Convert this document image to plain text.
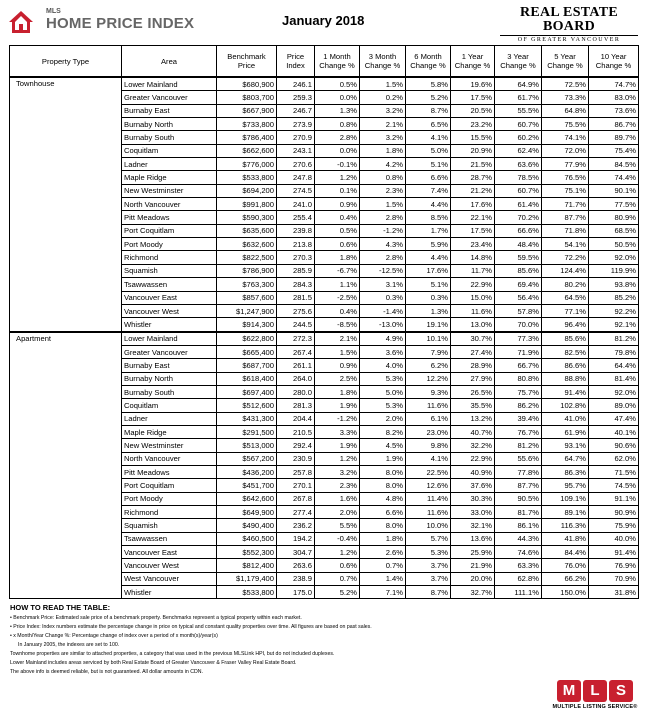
MLS
HOME PRICE INDEX	January 2018
REAL ESTATE BOARD
OF GREATER VANCOUVER
Property Type	Area	Benchmark Price	Price Index	1 Month Change %	3 Month Change %	6 Month Change %	1 Year Change %	3 Year Change %	5 Year Change %	10 Year Change %
Townhouse	Lower Mainland	$680,900	246.1	0.5%	1.5%	5.8%	19.6%	64.9%	72.5%	74.7%
	Greater Vancouver	$803,700	259.3	0.0%	0.2%	5.2%	17.5%	61.7%	73.3%	83.0%
	Burnaby East	$667,900	246.7	1.3%	3.2%	8.7%	20.5%	55.5%	64.8%	73.6%
	Burnaby North	$733,800	273.9	0.8%	2.1%	6.5%	23.2%	60.7%	75.5%	86.7%
	Burnaby South	$786,400	270.9	2.8%	3.2%	4.1%	15.5%	60.2%	74.1%	89.7%
	Coquitlam	$662,600	243.1	0.0%	1.8%	5.0%	20.9%	62.4%	72.0%	75.4%
	Ladner	$776,000	270.6	-0.1%	4.2%	5.1%	21.5%	63.6%	77.9%	84.5%
	Maple Ridge	$533,800	247.8	1.2%	0.8%	6.6%	28.7%	78.5%	76.5%	74.4%
	New Westminster	$694,200	274.5	0.1%	2.3%	7.4%	21.2%	60.7%	75.1%	90.1%
	North Vancouver	$991,800	241.0	0.9%	1.5%	4.4%	17.6%	61.4%	71.7%	77.5%
	Pitt Meadows	$590,300	255.4	0.4%	2.8%	8.5%	22.1%	70.2%	87.7%	80.9%
	Port Coquitlam	$635,600	239.8	0.5%	-1.2%	1.7%	17.5%	66.6%	71.8%	68.5%
	Port Moody	$632,600	213.8	0.6%	4.3%	5.9%	23.4%	48.4%	54.1%	50.5%
	Richmond	$822,500	270.3	1.8%	2.8%	4.4%	14.8%	59.5%	72.2%	92.0%
	Squamish	$786,900	285.9	-6.7%	-12.5%	17.6%	11.7%	85.6%	124.4%	119.9%
	Tsawwassen	$763,300	284.3	1.1%	3.1%	5.1%	22.9%	69.4%	80.2%	93.8%
	Vancouver East	$857,600	281.5	-2.5%	0.3%	0.3%	15.0%	56.4%	64.5%	85.2%
	Vancouver West	$1,247,900	275.6	0.4%	-1.4%	1.3%	11.6%	57.8%	77.1%	92.2%
	Whistler	$914,300	244.5	-8.5%	-13.0%	19.1%	13.0%	70.0%	96.4%	92.1%
Apartment	Lower Mainland	$622,800	272.3	2.1%	4.9%	10.1%	30.7%	77.3%	85.6%	81.2%
	Greater Vancouver	$665,400	267.4	1.5%	3.6%	7.9%	27.4%	71.9%	82.5%	79.8%
	Burnaby East	$687,700	261.1	0.9%	4.0%	6.2%	28.9%	66.7%	86.6%	64.4%
	Burnaby North	$618,400	264.0	2.5%	5.3%	12.2%	27.9%	80.8%	88.8%	81.4%
	Burnaby South	$697,400	280.0	1.8%	5.0%	9.3%	26.5%	75.7%	91.4%	92.0%
	Coquitlam	$512,600	281.3	1.9%	5.3%	11.6%	35.5%	86.2%	102.8%	89.0%
	Ladner	$431,300	204.4	-1.2%	2.0%	6.1%	13.2%	39.4%	41.0%	47.4%
	Maple Ridge	$291,500	210.5	3.3%	8.2%	23.0%	40.7%	76.7%	61.9%	40.1%
	New Westminster	$513,000	292.4	1.9%	4.5%	9.8%	32.2%	81.2%	93.1%	90.6%
	North Vancouver	$567,200	230.9	1.2%	1.9%	4.1%	22.9%	55.6%	64.7%	62.0%
	Pitt Meadows	$436,200	257.8	3.2%	8.0%	22.5%	40.9%	77.8%	86.3%	71.5%
	Port Coquitlam	$451,700	270.1	2.3%	8.0%	12.6%	37.6%	87.7%	95.7%	74.5%
	Port Moody	$642,600	267.8	1.6%	4.8%	11.4%	30.3%	90.5%	109.1%	91.1%
	Richmond	$649,900	277.4	2.0%	6.6%	11.6%	33.0%	81.7%	89.1%	90.9%
	Squamish	$490,400	236.2	5.5%	8.0%	10.0%	32.1%	86.1%	116.3%	75.9%
	Tsawwassen	$460,500	194.2	-0.4%	1.8%	5.7%	13.6%	44.3%	41.8%	40.0%
	Vancouver East	$552,300	304.7	1.2%	2.6%	5.3%	25.9%	74.6%	84.4%	91.4%
	Vancouver West	$812,400	263.6	0.6%	0.7%	3.7%	21.9%	63.3%	76.0%	76.9%
	West Vancouver	$1,179,400	238.9	0.7%	1.4%	3.7%	20.0%	62.8%	66.2%	70.9%
	Whistler	$533,800	175.0	5.2%	7.1%	8.7%	32.7%	111.1%	150.0%	31.8%
HOW TO READ THE TABLE:
• Benchmark Price: Estimated sale price of a benchmark property. Benchmarks represent a typical property within each market.
• Price Index: Index numbers estimate the percentage change in price on typical and constant quality properties over time. All figures are based on past sales.
• x Month/Year Change %: Percentage change of index over a period of x month(s)/year(s)
In January 2005, the indexes are set to 100.
Townhome properties are similar to attached properties, a category that was used in the previous MLSLink HPI, but do not included duplexes.
Lower Mainland includes areas serviced by both Real Estate Board of Greater Vancouver & Fraser Valley Real Estate Board.
The above info is deemed reliable, but is not guaranteed. All dollar amounts in CDN.
M	L	S
MULTIPLE LISTING SERVICE®
